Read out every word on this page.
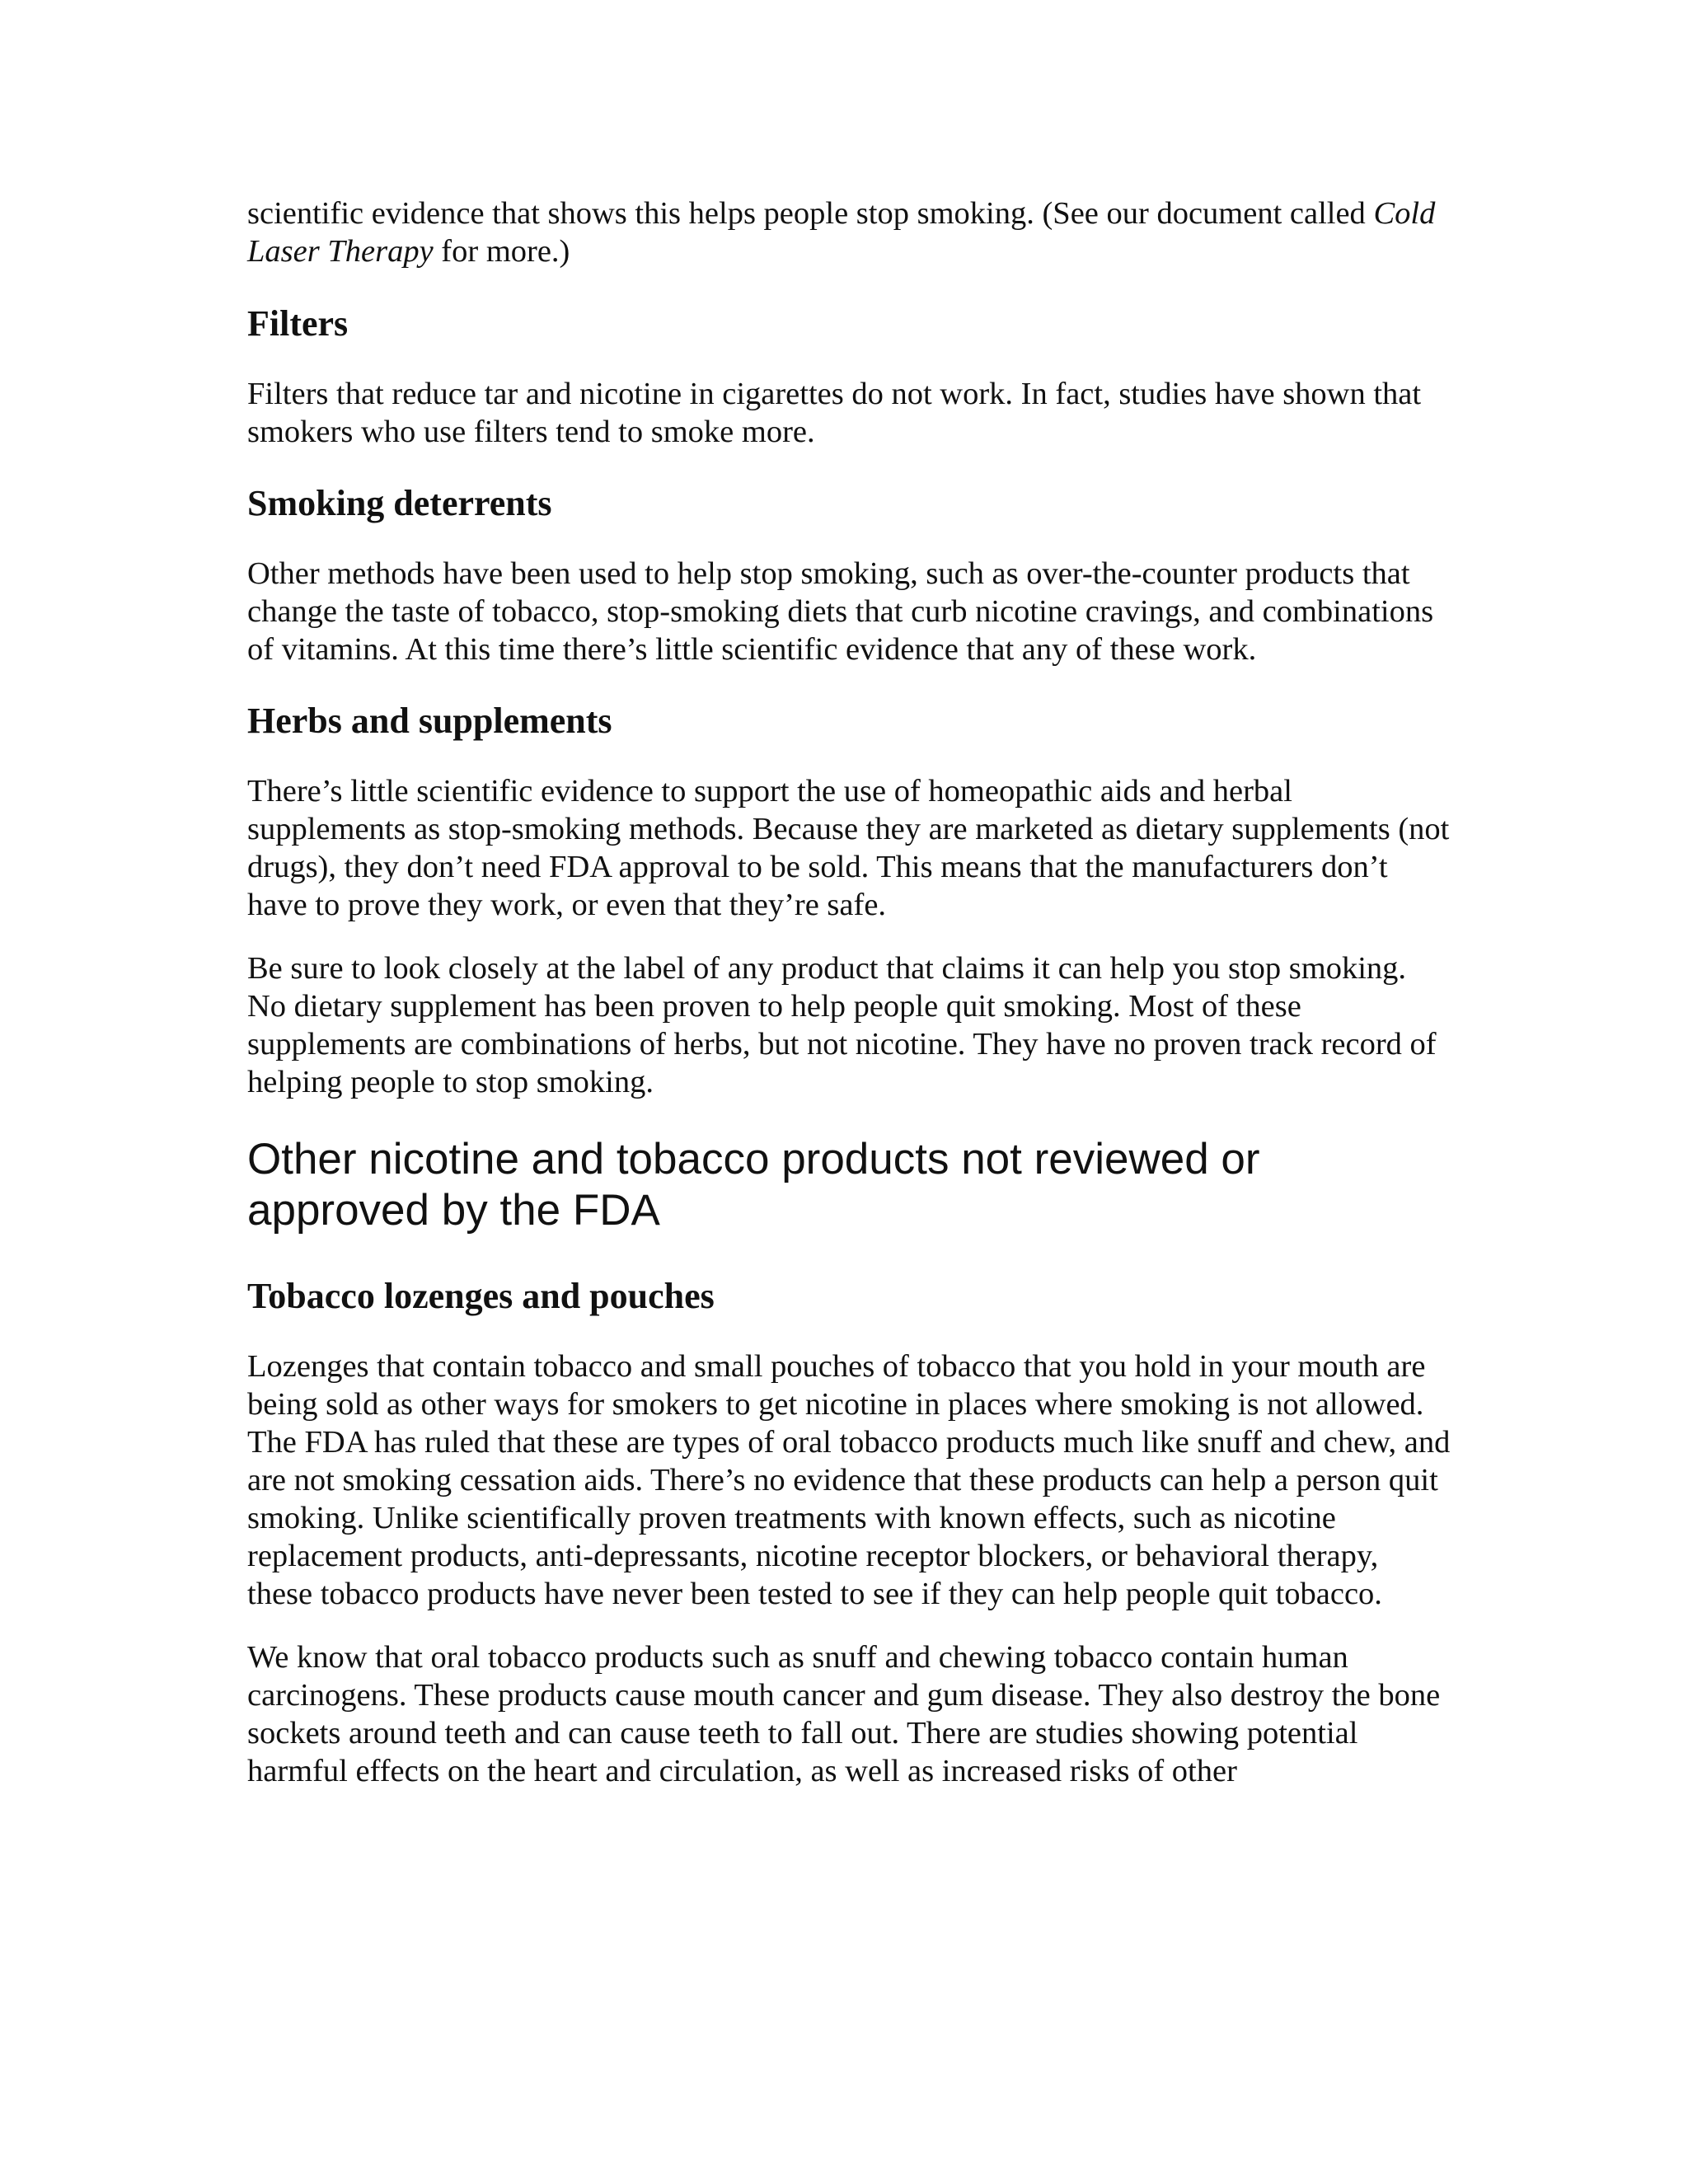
scientific evidence that shows this helps people stop smoking. (See our document called Cold Laser Therapy for more.)

Filters

Filters that reduce tar and nicotine in cigarettes do not work. In fact, studies have shown that smokers who use filters tend to smoke more.

Smoking deterrents

Other methods have been used to help stop smoking, such as over-the-counter products that change the taste of tobacco, stop-smoking diets that curb nicotine cravings, and combinations of vitamins. At this time there’s little scientific evidence that any of these work.

Herbs and supplements

There’s little scientific evidence to support the use of homeopathic aids and herbal supplements as stop-smoking methods. Because they are marketed as dietary supplements (not drugs), they don’t need FDA approval to be sold. This means that the manufacturers don’t have to prove they work, or even that they’re safe.

Be sure to look closely at the label of any product that claims it can help you stop smoking. No dietary supplement has been proven to help people quit smoking. Most of these supplements are combinations of herbs, but not nicotine. They have no proven track record of helping people to stop smoking.

Other nicotine and tobacco products not reviewed or approved by the FDA
Tobacco lozenges and pouches

Lozenges that contain tobacco and small pouches of tobacco that you hold in your mouth are being sold as other ways for smokers to get nicotine in places where smoking is not allowed. The FDA has ruled that these are types of oral tobacco products much like snuff and chew, and are not smoking cessation aids. There’s no evidence that these products can help a person quit smoking. Unlike scientifically proven treatments with known effects, such as nicotine replacement products, anti-depressants, nicotine receptor blockers, or behavioral therapy, these tobacco products have never been tested to see if they can help people quit tobacco.

We know that oral tobacco products such as snuff and chewing tobacco contain human carcinogens. These products cause mouth cancer and gum disease. They also destroy the bone sockets around teeth and can cause teeth to fall out. There are studies showing potential harmful effects on the heart and circulation, as well as increased risks of other
